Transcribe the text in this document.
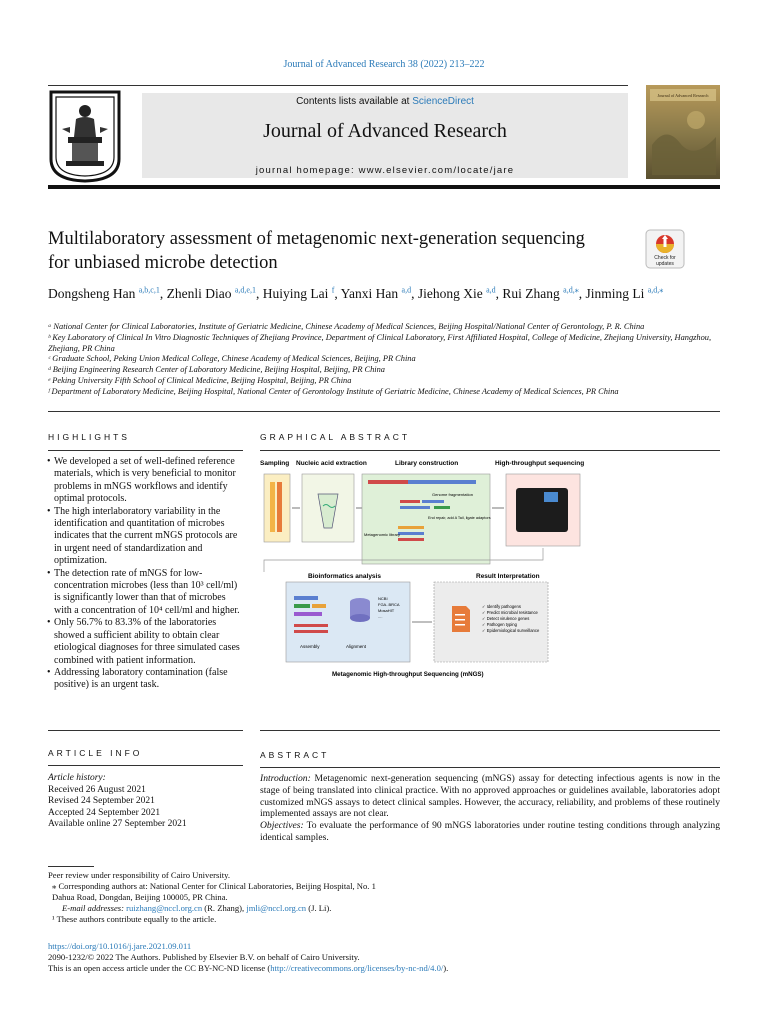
Journal of Advanced Research 38 (2022) 213–222
Contents lists available at ScienceDirect
Journal of Advanced Research
journal homepage: www.elsevier.com/locate/jare
Journal of Advanced Research
Multilaboratory assessment of metagenomic next-generation sequencing for unbiased microbe detection	Check for
updates
Dongsheng Han $^{a,b,c,1}$, Zhenli Diao $^{a,d,e,1}$, Huiying Lai $^f$, Yanxi Han $^{a,d}$, Jiehong Xie $^{a,d}$, Rui Zhang $^{a,d,⁎}$, Jinming Li $^{a,d,⁎}$
ᵃ National Center for Clinical Laboratories, Institute of Geriatric Medicine, Chinese Academy of Medical Sciences, Beijing Hospital/National Center of Gerontology, P. R. China
ᵇ Key Laboratory of Clinical In Vitro Diagnostic Techniques of Zhejiang Province, Department of Clinical Laboratory, First Affiliated Hospital, College of Medicine, Zhejiang University, Hangzhou, Zhejiang, PR China
ᶜ Graduate School, Peking Union Medical College, Chinese Academy of Medical Sciences, Beijing, PR China
ᵈ Beijing Engineering Research Center of Laboratory Medicine, Beijing Hospital, Beijing, PR China
ᵉ Peking University Fifth School of Clinical Medicine, Beijing Hospital, Beijing, PR China
ᶠ Department of Laboratory Medicine, Beijing Hospital, National Center of Gerontology Institute of Geriatric Medicine, Chinese Academy of Medical Sciences, PR China
HIGHLIGHTS	GRAPHICAL ABSTRACT
• We developed a set of well-defined reference materials, which is very beneficial to monitor problems in mNGS workflows and identify optimal protocols.
• The high interlaboratory variability in the identification and quantitation of microbes indicates that the current mNGS protocols are in urgent need of standardization and optimization.
• The detection rate of mNGS for low-concentration microbes (less than 10³ cell/ml) is significantly lower than that of microbes with a concentration of 10⁴ cell/ml and higher.
• Only 56.7% to 83.3% of the laboratories showed a sufficient ability to obtain clear etiological diagnoses for three simulated cases combined with patient information.
• Addressing laboratory contamination (false positive) is an urgent task.
Sampling Nucleic acid extraction	Library construction	High-throughput sequencing
Genome fragmentation
End repair, add A Tail, ligate adaptors
Metagenomic library
Bioinformatics analysis	Result Interpretation
Assembly
NCBI
FGA..BRCA
MosaHIT
....
Alignment
✓ Identify pathogens
✓ Predict microbial resistance
✓ Detect virulence genes
✓ Pathogen typing
✓ Epidemiological surveillance
Metagenomic High-throughput Sequencing (mNGS)
ARTICLE INFO	ABSTRACT
Article history:
Received 26 August 2021
Revised 24 September 2021
Accepted 24 September 2021
Available online 27 September 2021
Introduction: Metagenomic next-generation sequencing (mNGS) assay for detecting infectious agents is now in the stage of being translated into clinical practice. With no approved approaches or guidelines available, laboratories adopt customized mNGS assays to detect clinical samples. However, the accuracy, reliability, and problems of these routinely implemented assays are not clear.
Objectives: To evaluate the performance of 90 mNGS laboratories under routine testing conditions through analyzing identical samples.
Peer review under responsibility of Cairo University.
⁎ Corresponding authors at: National Center for Clinical Laboratories, Beijing Hospital, No. 1 Dahua Road, Dongdan, Beijing 100005, PR China.
E-mail addresses: ruizhang@nccl.org.cn (R. Zhang), jmli@nccl.org.cn (J. Li).
¹ These authors contribute equally to the article.
https://doi.org/10.1016/j.jare.2021.09.011
2090-1232/© 2022 The Authors. Published by Elsevier B.V. on behalf of Cairo University.
This is an open access article under the CC BY-NC-ND license (http://creativecommons.org/licenses/by-nc-nd/4.0/).
